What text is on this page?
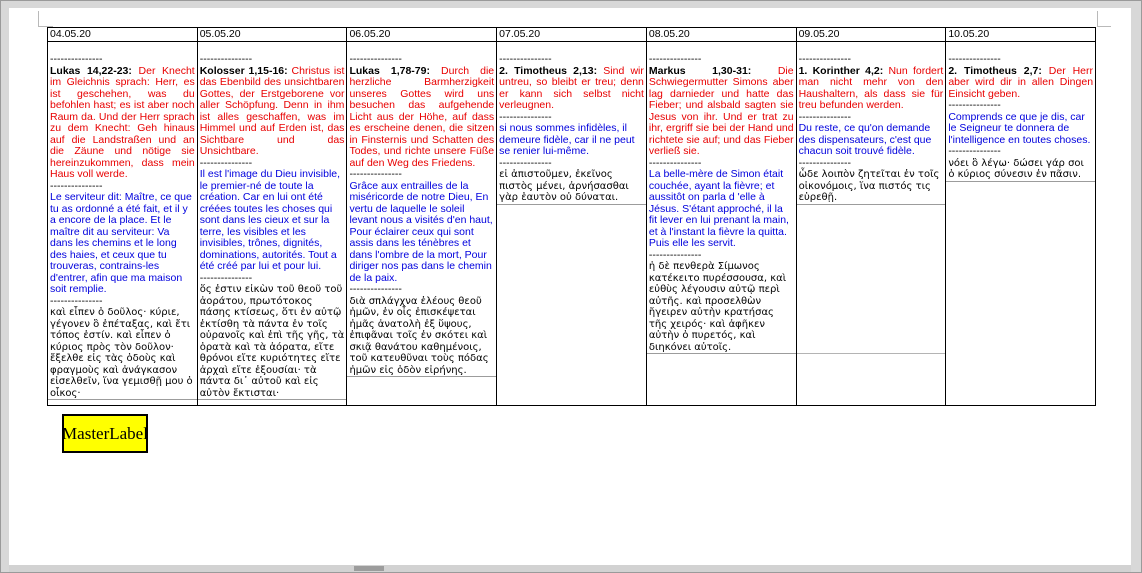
04.05.20
---------------

Lukas 14,22-23: Der Knecht im Gleichnis sprach: Herr, es ist geschehen, was du befohlen hast; es ist aber noch Raum da. Und der Herr sprach zu dem Knecht: Geh hinaus auf die Landstraßen und an die Zäune und nötige sie hereinzukommen, dass mein Haus voll werde.

---------------

Le serviteur dit: Maître, ce que tu as ordonné a été fait, et il y a encore de la place. Et le maître dit au serviteur: Va dans les chemins et le long des haies, et ceux que tu trouveras, contrains-les d'entrer, afin que ma maison soit remplie.

---------------

καὶ εἶπεν ὁ δοῦλος· κύριε, γέγονεν ὃ ἐπέταξας, καὶ ἔτι τόπος ἐστίν. καὶ εἶπεν ὁ κύριος πρὸς τὸν δοῦλον· ἔξελθε εἰς τὰς ὁδοὺς καὶ φραγμοὺς καὶ ἀνάγκασον εἰσελθεῖν, ἵνα γεμισθῇ μου ὁ οἶκος·

05.05.20
---------------

Kolosser 1,15-16: Christus ist das Ebenbild des unsichtbaren Gottes, der Erstgeborene vor aller Schöpfung. Denn in ihm ist alles geschaffen, was im Himmel und auf Erden ist, das Sichtbare und das Unsichtbare.

---------------

Il est l'image du Dieu invisible, le premier-né de toute la création. Car en lui ont été créées toutes les choses qui sont dans les cieux et sur la terre, les visibles et les invisibles, trônes, dignités, dominations, autorités. Tout a été créé par lui et pour lui.

---------------

ὅς ἐστιν εἰκὼν τοῦ θεοῦ τοῦ ἀοράτου, πρωτότοκος πάσης κτίσεως, ὅτι ἐν αὐτῷ ἐκτίσθη τὰ πάντα ἐν τοῖς οὐρανοῖς καὶ ἐπὶ τῆς γῆς, τὰ ὁρατὰ καὶ τὰ ἀόρατα, εἴτε θρόνοι εἴτε κυριότητες εἴτε ἀρχαὶ εἴτε ἐξουσίαι· τὰ πάντα δι᾿ αὐτοῦ καὶ εἰς αὐτὸν ἔκτισται·

06.05.20
---------------

Lukas 1,78-79: Durch die herzliche Barmherzigkeit unseres Gottes wird uns besuchen das aufgehende Licht aus der Höhe, auf dass es erscheine denen, die sitzen in Finsternis und Schatten des Todes, und richte unsere Füße auf den Weg des Friedens.

---------------

Grâce aux entrailles de la miséricorde de notre Dieu, En vertu de laquelle le soleil levant nous a visités d'en haut, Pour éclairer ceux qui sont assis dans les ténèbres et dans l'ombre de la mort, Pour diriger nos pas dans le chemin de la paix.

---------------

διὰ σπλάγχνα ἐλέους θεοῦ ἡμῶν, ἐν οἷς ἐπισκέψεται ἡμᾶς ἀνατολὴ ἐξ ὕψους, ἐπιφᾶναι τοῖς ἐν σκότει καὶ σκιᾷ θανάτου καθημένοις, τοῦ κατευθῦναι τοὺς πόδας ἡμῶν εἰς ὁδὸν εἰρήνης.

07.05.20
---------------

2. Timotheus 2,13: Sind wir untreu, so bleibt er treu; denn er kann sich selbst nicht verleugnen.

---------------

si nous sommes infidèles, il demeure fidèle, car il ne peut se renier lui-même.

---------------

εἰ ἀπιστοῦμεν, ἐκεῖνος πιστὸς μένει, ἀρνήσασθαι γὰρ ἑαυτὸν οὐ δύναται.

08.05.20
---------------

Markus 1,30-31:	Die Schwiegermutter Simons aber lag darnieder und hatte das Fieber; und alsbald sagten sie Jesus von ihr. Und er trat zu ihr, ergriff sie bei der Hand und richtete sie auf; und das Fieber verließ sie.

---------------

La belle-mère de Simon était couchée, ayant la fièvre; et aussitôt on parla d 'elle à Jésus. S'étant approché, il la fit lever en lui prenant la main, et à l'instant la fièvre la quitta. Puis elle les servit.

---------------

ἡ δὲ πενθερὰ Σίμωνος κατέκειτο πυρέσσουσα, καὶ εὐθὺς λέγουσιν αὐτῷ περὶ αὐτῆς. καὶ προσελθὼν ἤγειρεν αὐτὴν κρατήσας τῆς χειρός· καὶ ἀφῆκεν αὐτὴν ὁ πυρετός, καὶ διηκόνει αὐτοῖς.

09.05.20
---------------

1. Korinther 4,2: Nun fordert man nicht mehr von den Haushaltern, als dass sie für treu befunden werden.

---------------

Du reste, ce qu'on demande des dispensateurs, c'est que chacun soit trouvé fidèle.

---------------

ὧδε λοιπὸν ζητεῖται ἐν τοῖς οἰκονόμοις, ἵνα πιστός τις εὑρεθῇ.

10.05.20
---------------

2. Timotheus 2,7: Der Herr aber wird dir in allen Dingen Einsicht geben.

---------------

Comprends ce que je dis, car le Seigneur te donnera de l'intelligence en toutes choses.

---------------

νόει ὃ λέγω· δώσει γάρ σοι ὁ κύριος σύνεσιν ἐν πᾶσιν.

MasterLabel
